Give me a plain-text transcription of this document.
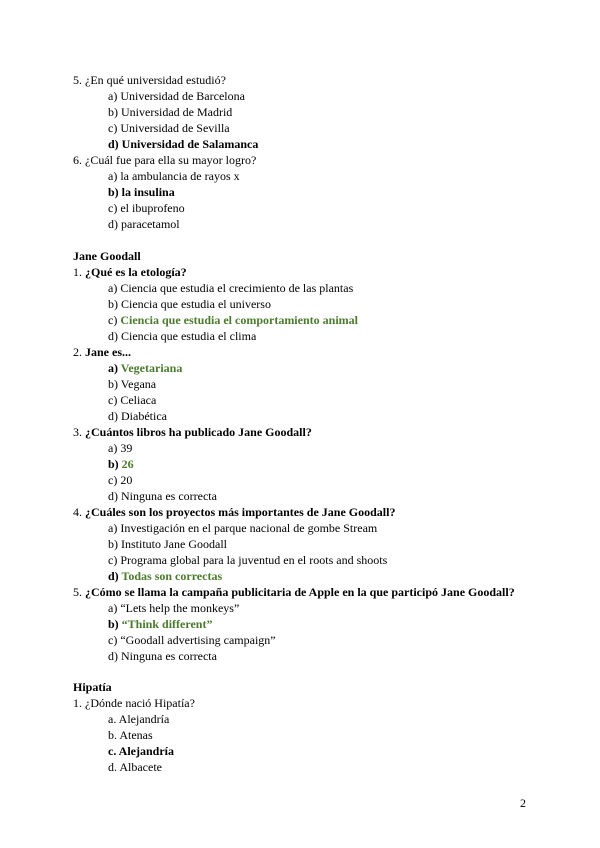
5. ¿En qué universidad estudió?
a) Universidad de Barcelona
b) Universidad de Madrid
c) Universidad de Sevilla
d) Universidad de Salamanca
6. ¿Cuál fue para ella su mayor logro?
a) la ambulancia de rayos x
b) la insulina
c) el ibuprofeno
d) paracetamol
Jane Goodall
1. ¿Qué es la etología?
a) Ciencia que estudia el crecimiento de las plantas
b) Ciencia que estudia el universo
c) Ciencia que estudia el comportamiento animal
d) Ciencia que estudia el clima
2. Jane es...
a) Vegetariana
b) Vegana
c) Celiaca
d) Diabética
3. ¿Cuántos libros ha publicado Jane Goodall?
a) 39
b) 26
c) 20
d) Ninguna es correcta
4. ¿Cuáles son los proyectos más importantes de Jane Goodall?
a) Investigación en el parque nacional de gombe Stream
b) Instituto Jane Goodall
c) Programa global para la juventud en el roots and shoots
d) Todas son correctas
5. ¿Cómo se llama la campaña publicitaria de Apple en la que participó Jane Goodall?
a) “Lets help the monkeys”
b) “Think different”
c) “Goodall advertising campaign”
d) Ninguna es correcta
Hipatía
1. ¿Dónde nació Hipatía?
a. Alejandría
b. Atenas
c. Alejandría
d. Albacete
2
